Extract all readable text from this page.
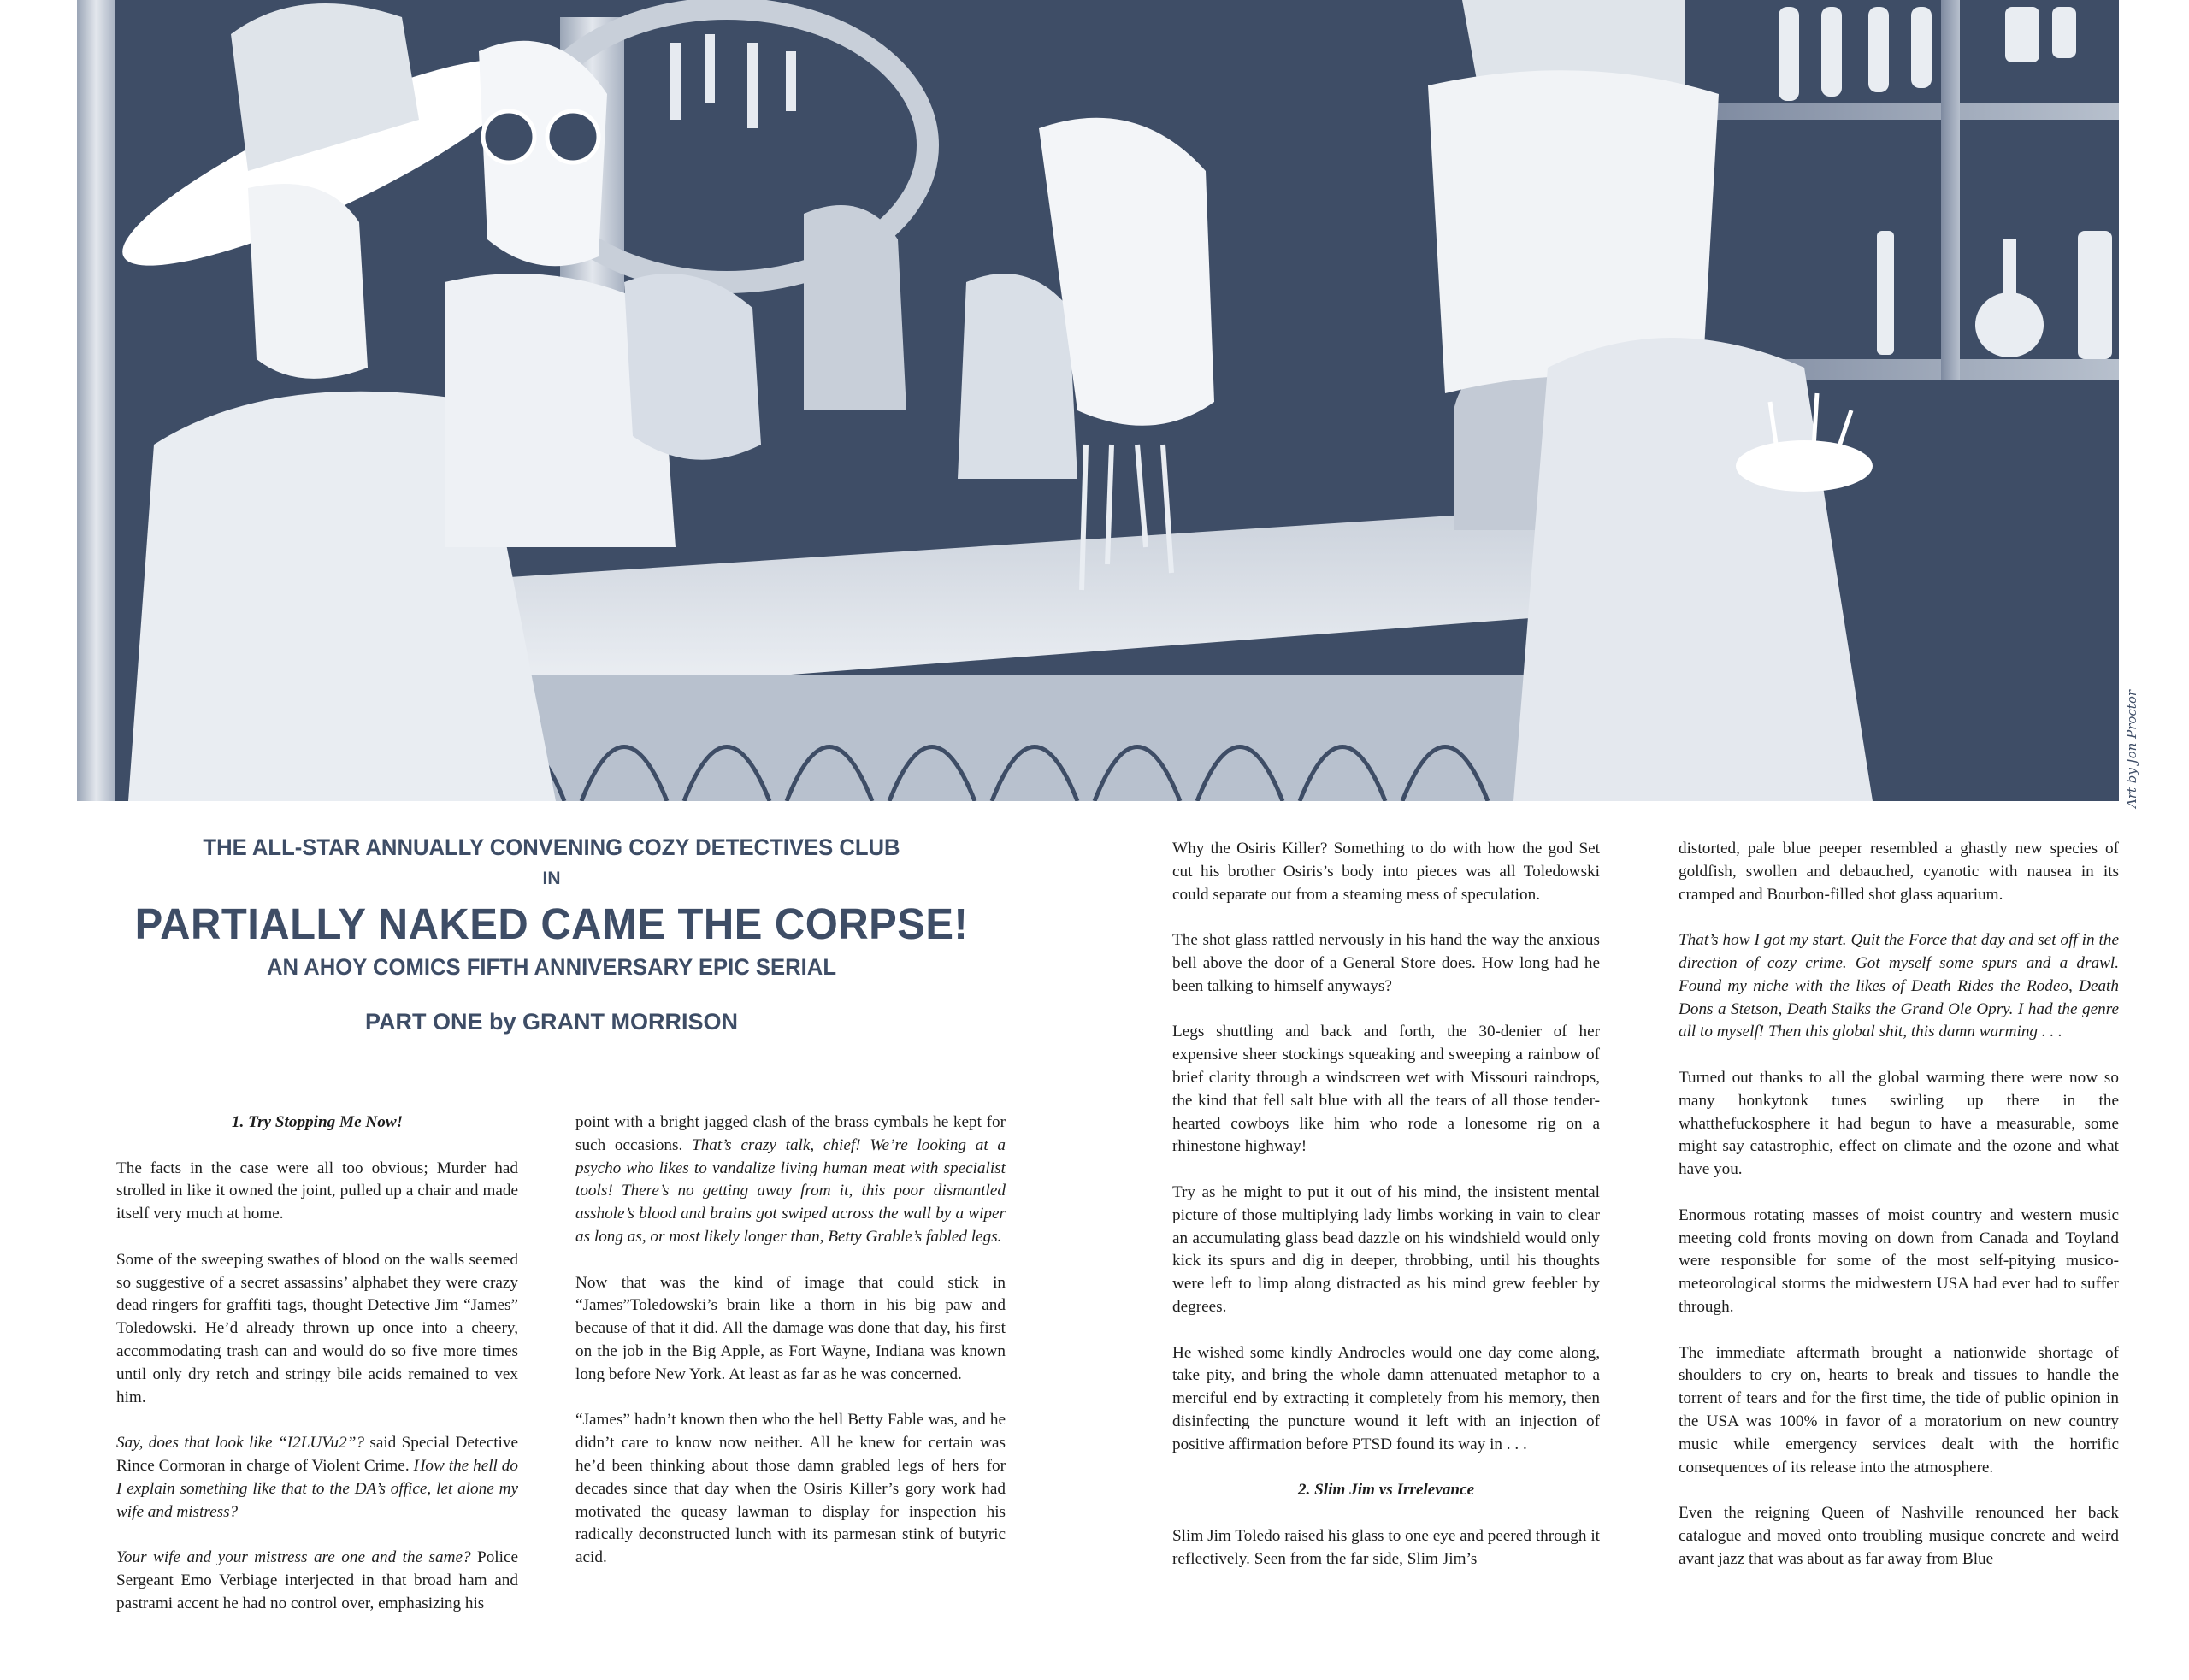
Art by Jon Proctor
THE ALL-STAR ANNUALLY CONVENING COZY DETECTIVES CLUB
IN
PARTIALLY NAKED CAME THE CORPSE!
AN AHOY COMICS FIFTH ANNIVERSARY EPIC SERIAL
PART ONE by GRANT MORRISON
1. Try Stopping Me Now!

The facts in the case were all too obvious; Murder had strolled in like it owned the joint, pulled up a chair and made itself very much at home.

Some of the sweeping swathes of blood on the walls seemed so suggestive of a secret assassins’ alphabet they were crazy dead ringers for graffiti tags, thought Detective Jim “James” Toledowski. He’d already thrown up once into a cheery, accommodating trash can and would do so five more times until only dry retch and stringy bile acids remained to vex him.

Say, does that look like “I2LUVu2”? said Special Detective Rince Cormoran in charge of Violent Crime. How the hell do I explain something like that to the DA’s office, let alone my wife and mistress?

Your wife and your mistress are one and the same? Police Sergeant Emo Verbiage interjected in that broad ham and pastrami accent he had no control over, emphasizing his

point with a bright jagged clash of the brass cymbals he kept for such occasions. That’s crazy talk, chief! We’re looking at a psycho who likes to vandalize living human meat with specialist tools! There’s no getting away from it, this poor dismantled asshole’s blood and brains got swiped across the wall by a wiper as long as, or most likely longer than, Betty Grable’s fabled legs.

Now that was the kind of image that could stick in “James”Toledowski’s brain like a thorn in his big paw and because of that it did. All the damage was done that day, his first on the job in the Big Apple, as Fort Wayne, Indiana was known long before New York. At least as far as he was concerned.

“James” hadn’t known then who the hell Betty Fable was, and he didn’t care to know now neither. All he knew for certain was he’d been thinking about those damn grabled legs of hers for decades since that day when the Osiris Killer’s gory work had motivated the queasy lawman to display for inspection his radically deconstructed lunch with its parmesan stink of butyric acid.

Why the Osiris Killer? Something to do with how the god Set cut his brother Osiris’s body into pieces was all Toledowski could separate out from a steaming mess of speculation.

The shot glass rattled nervously in his hand the way the anxious bell above the door of a General Store does. How long had he been talking to himself anyways?

Legs shuttling and back and forth, the 30-denier of her expensive sheer stockings squeaking and sweeping a rainbow of brief clarity through a windscreen wet with Missouri raindrops, the kind that fell salt blue with all the tears of all those tender-hearted cowboys like him who rode a lonesome rig on a rhinestone highway!

Try as he might to put it out of his mind, the insistent mental picture of those multiplying lady limbs working in vain to clear an accumulating glass bead dazzle on his windshield would only kick its spurs and dig in deeper, throbbing, until his thoughts were left to limp along distracted as his mind grew feebler by degrees.

He wished some kindly Androcles would one day come along, take pity, and bring the whole damn attenuated metaphor to a merciful end by extracting it completely from his memory, then disinfecting the puncture wound it left with an injection of positive affirmation before PTSD found its way in . . .

2. Slim Jim vs Irrelevance

Slim Jim Toledo raised his glass to one eye and peered through it reflectively. Seen from the far side, Slim Jim’s

distorted, pale blue peeper resembled a ghastly new species of goldfish, swollen and debauched, cyanotic with nausea in its cramped and Bourbon-filled shot glass aquarium.

That’s how I got my start. Quit the Force that day and set off in the direction of cozy crime. Got myself some spurs and a drawl. Found my niche with the likes of Death Rides the Rodeo, Death Dons a Stetson, Death Stalks the Grand Ole Opry. I had the genre all to myself! Then this global shit, this damn warming . . .

Turned out thanks to all the global warming there were now so many honkytonk tunes swirling up there in the whatthefuckosphere it had begun to have a measurable, some might say catastrophic, effect on climate and the ozone and what have you.

Enormous rotating masses of moist country and western music meeting cold fronts moving on down from Canada and Toyland were responsible for some of the most self-pitying musico-meteorological storms the midwestern USA had ever had to suffer through.

The immediate aftermath brought a nationwide shortage of shoulders to cry on, hearts to break and tissues to handle the torrent of tears and for the first time, the tide of public opinion in the USA was 100% in favor of a moratorium on new country music while emergency services dealt with the horrific consequences of its release into the atmosphere.

Even the reigning Queen of Nashville renounced her back catalogue and moved onto troubling musique concrete and weird avant jazz that was about as far away from Blue
